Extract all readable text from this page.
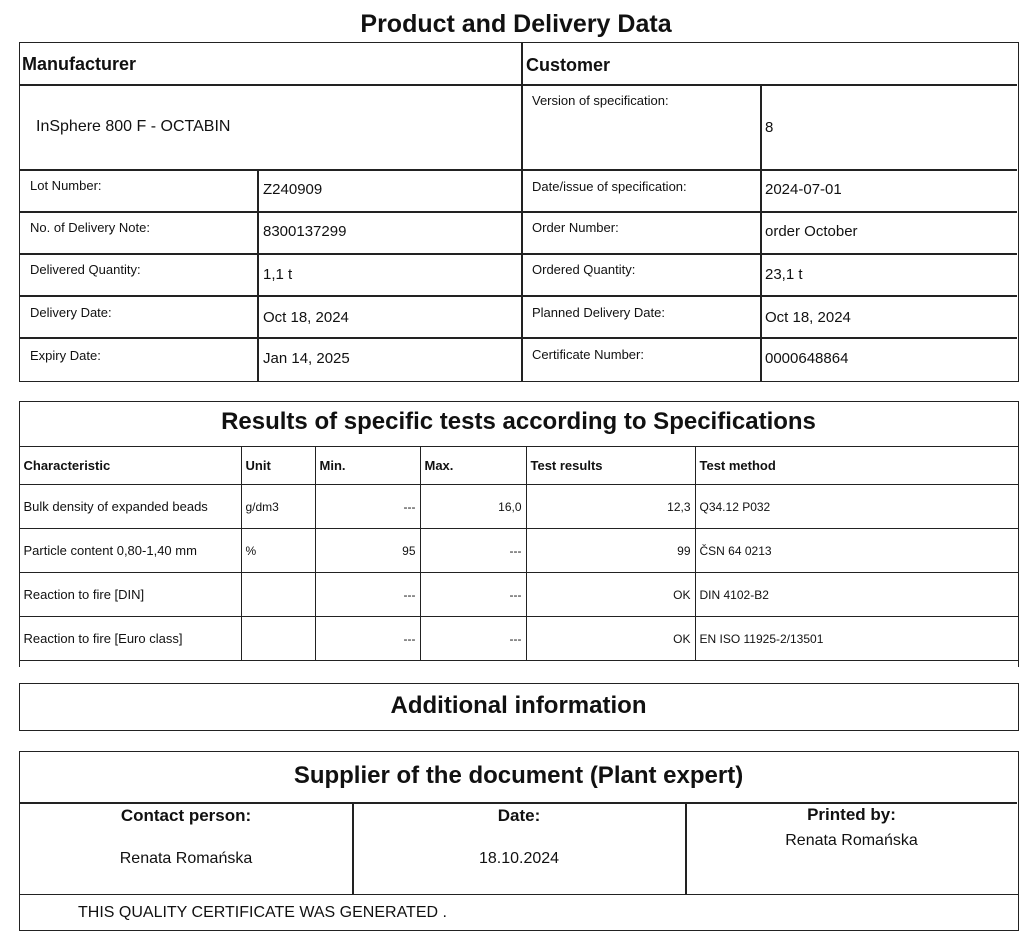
Product and Delivery Data
Manufacturer	Customer
InSphere 800 F - OCTABIN
Version of specification:
8
Lot Number:	Z240909
No. of Delivery Note:	8300137299
Delivered Quantity:	1,1 t
Delivery Date:	Oct 18, 2024
Expiry Date:	Jan 14, 2025
Date/issue of specification:	2024-07-01
Order Number:	order October
Ordered Quantity:	23,1 t
Planned Delivery Date:	Oct 18, 2024
Certificate Number:	0000648864
Results of specific tests according to Specifications
Characteristic	Unit	Min.	Max.	Test results	Test method
Bulk density of expanded beads	g/dm3	---	16,0	12,3	Q34.12 P032
Particle content 0,80-1,40 mm	%	95	---	99	ČSN 64 0213
Reaction to fire [DIN]		---	---	OK	DIN 4102-B2
Reaction to fire [Euro class]		---	---	OK	EN ISO 11925-2/13501
Additional information
Supplier of the document (Plant expert)
Contact person:
Renata Romańska
Date:
18.10.2024
Printed by:
Renata Romańska
THIS QUALITY CERTIFICATE WAS GENERATED .
